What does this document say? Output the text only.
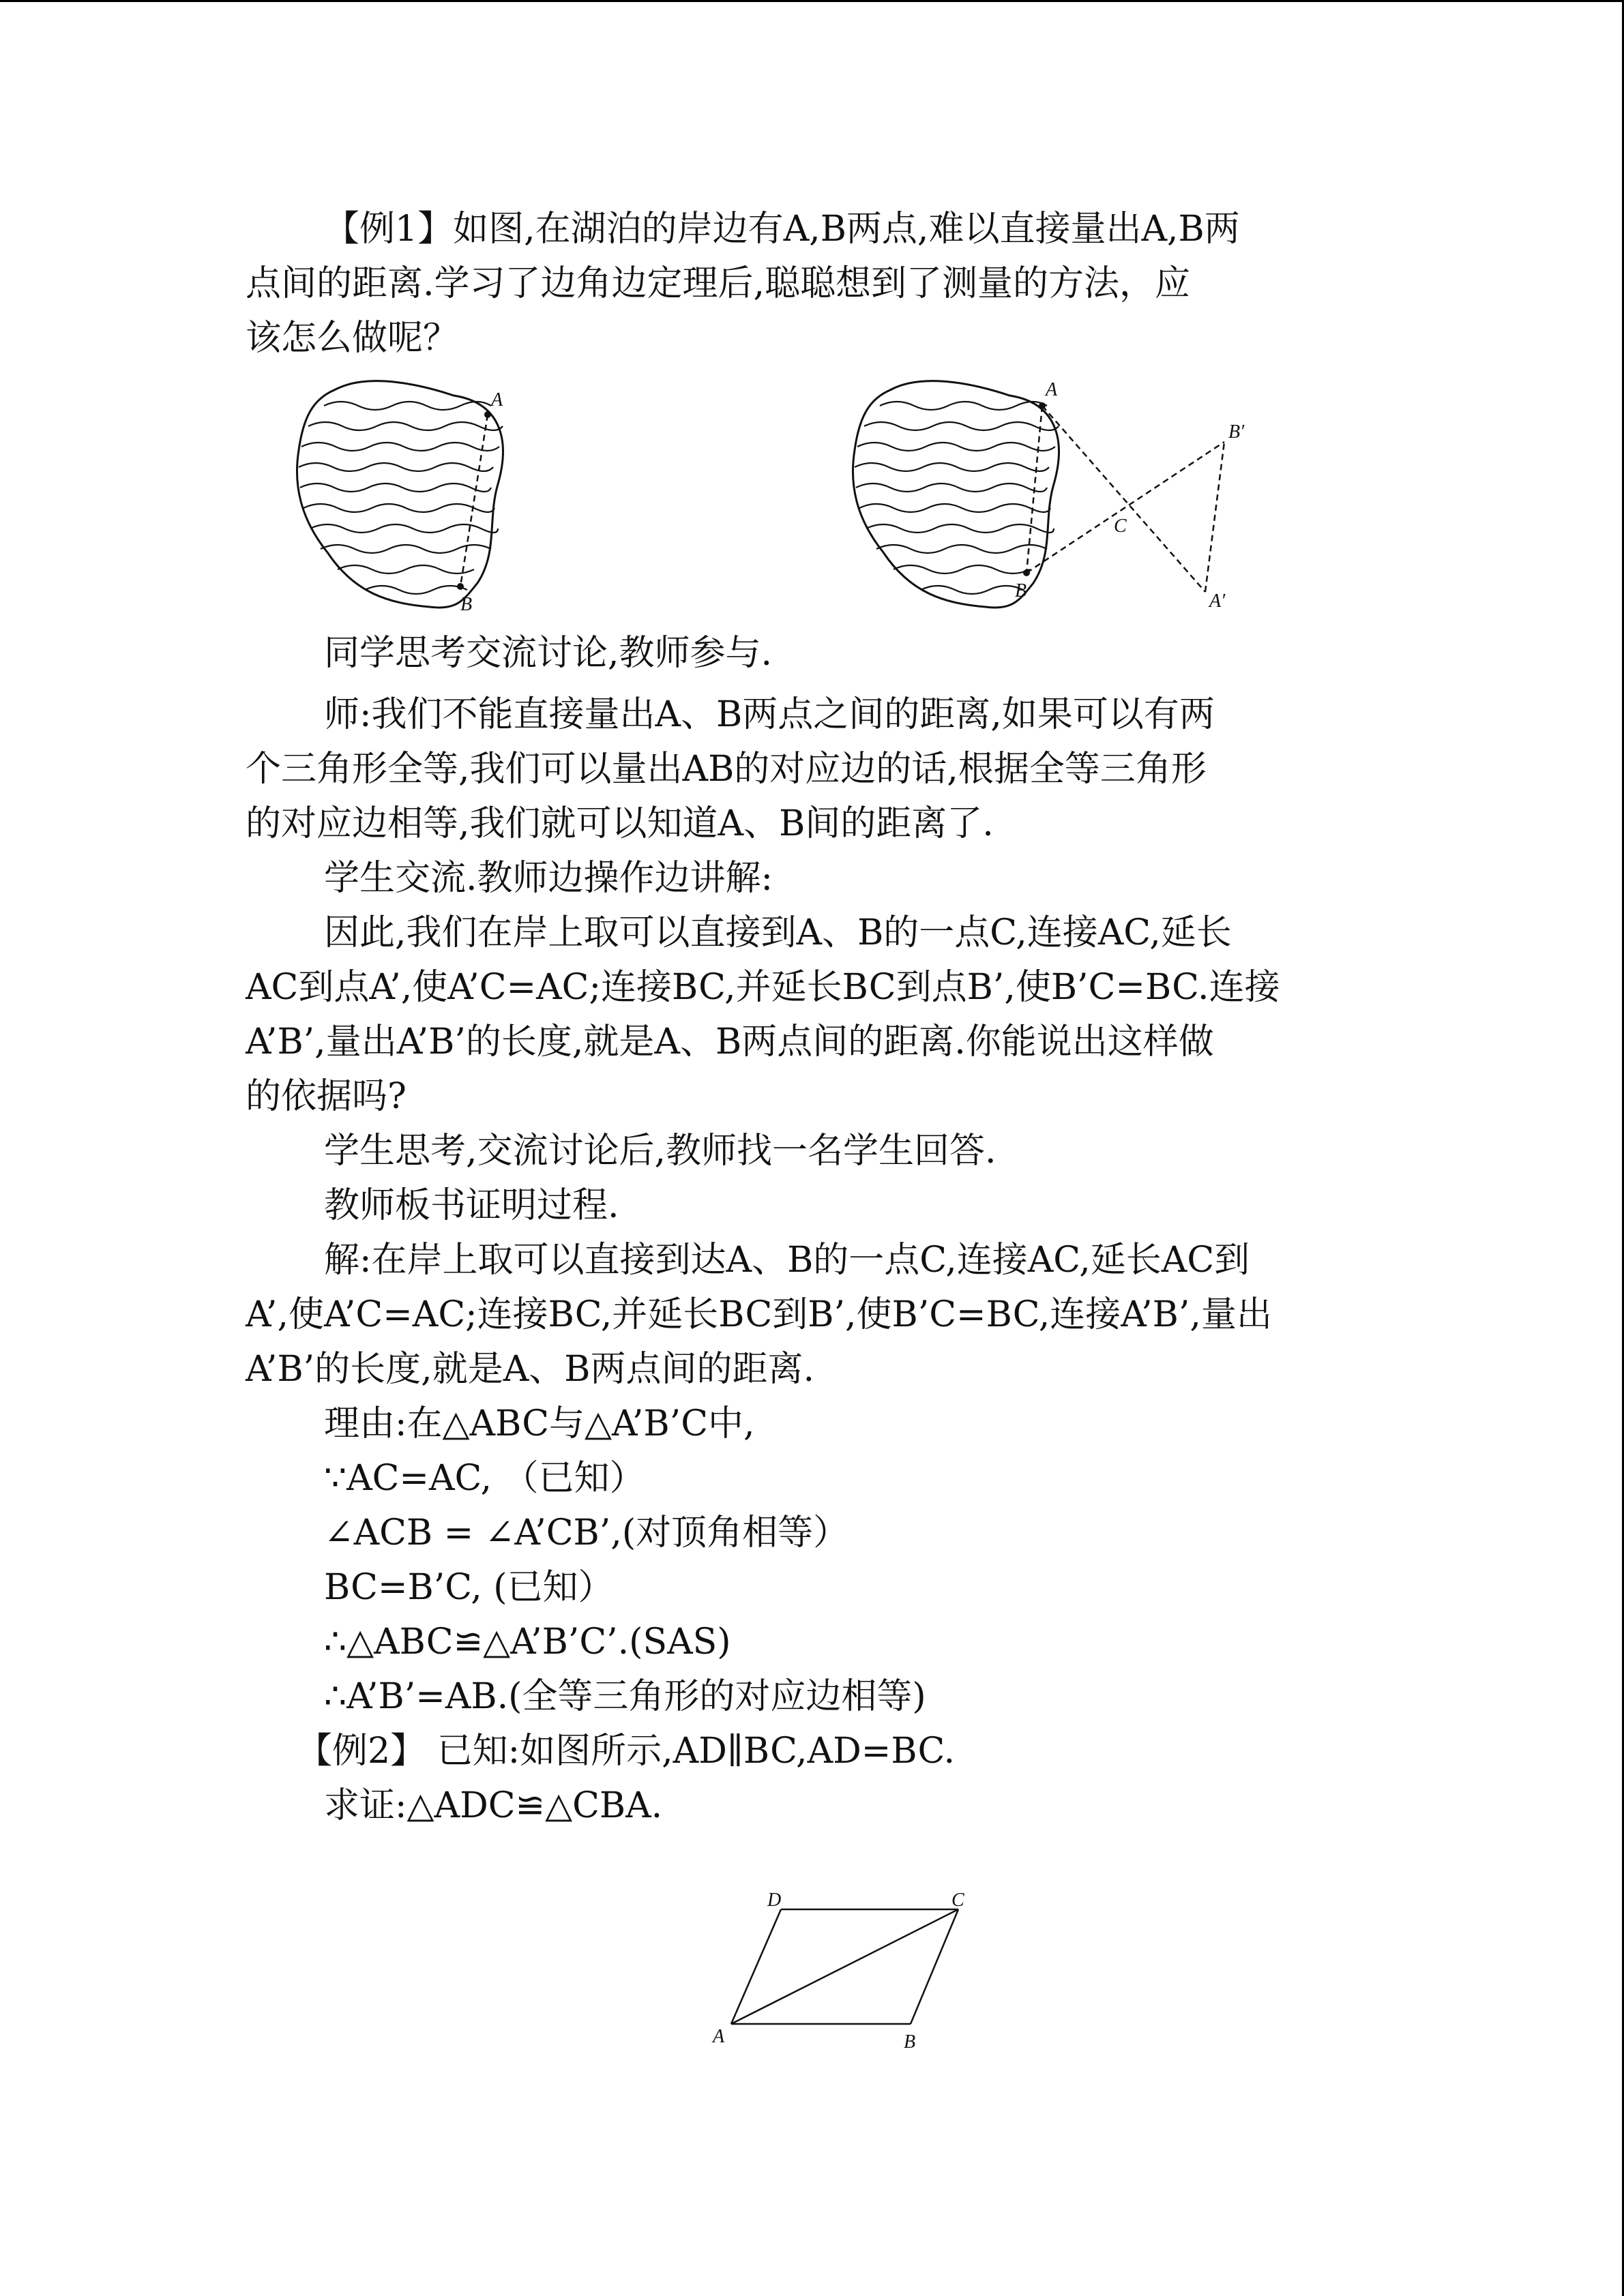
【例1】如图,在湖泊的岸边有A,B两点,难以直接量出A,B两
点间的距离.学习了边角边定理后,聪聪想到了测量的方法，应
该怎么做呢？
A
B
A
B
C
A′
B′
同学思考交流讨论,教师参与.
师:我们不能直接量出A、B两点之间的距离,如果可以有两
个三角形全等,我们可以量出AB的对应边的话,根据全等三角形
的对应边相等,我们就可以知道A、B间的距离了.
学生交流.教师边操作边讲解:
因此,我们在岸上取可以直接到A、B的一点C,连接AC,延长
AC到点A’,使A’C=AC;连接BC,并延长BC到点B’,使B’C=BC.连接
A’B’,量出A’B’的长度,就是A、B两点间的距离.你能说出这样做
的依据吗?
学生思考,交流讨论后,教师找一名学生回答.
教师板书证明过程.
解:在岸上取可以直接到达A、B的一点C,连接AC,延长AC到
A’,使A’C=AC;连接BC,并延长BC到B’,使B’C=BC,连接A’B’,量出
A’B’的长度,就是A、B两点间的距离.
理由:在△ABC与△A’B’C中,
∵AC=AC, （已知）
∠ACB = ∠A’CB’,(对顶角相等）
BC=B’C, (已知）
∴△ABC≌△A’B’C’.(SAS)
∴A’B’=AB.(全等三角形的对应边相等)
【例2】 已知:如图所示,AD∥BC,AD=BC.
求证:△ADC≌△CBA.
D	C
A	B
